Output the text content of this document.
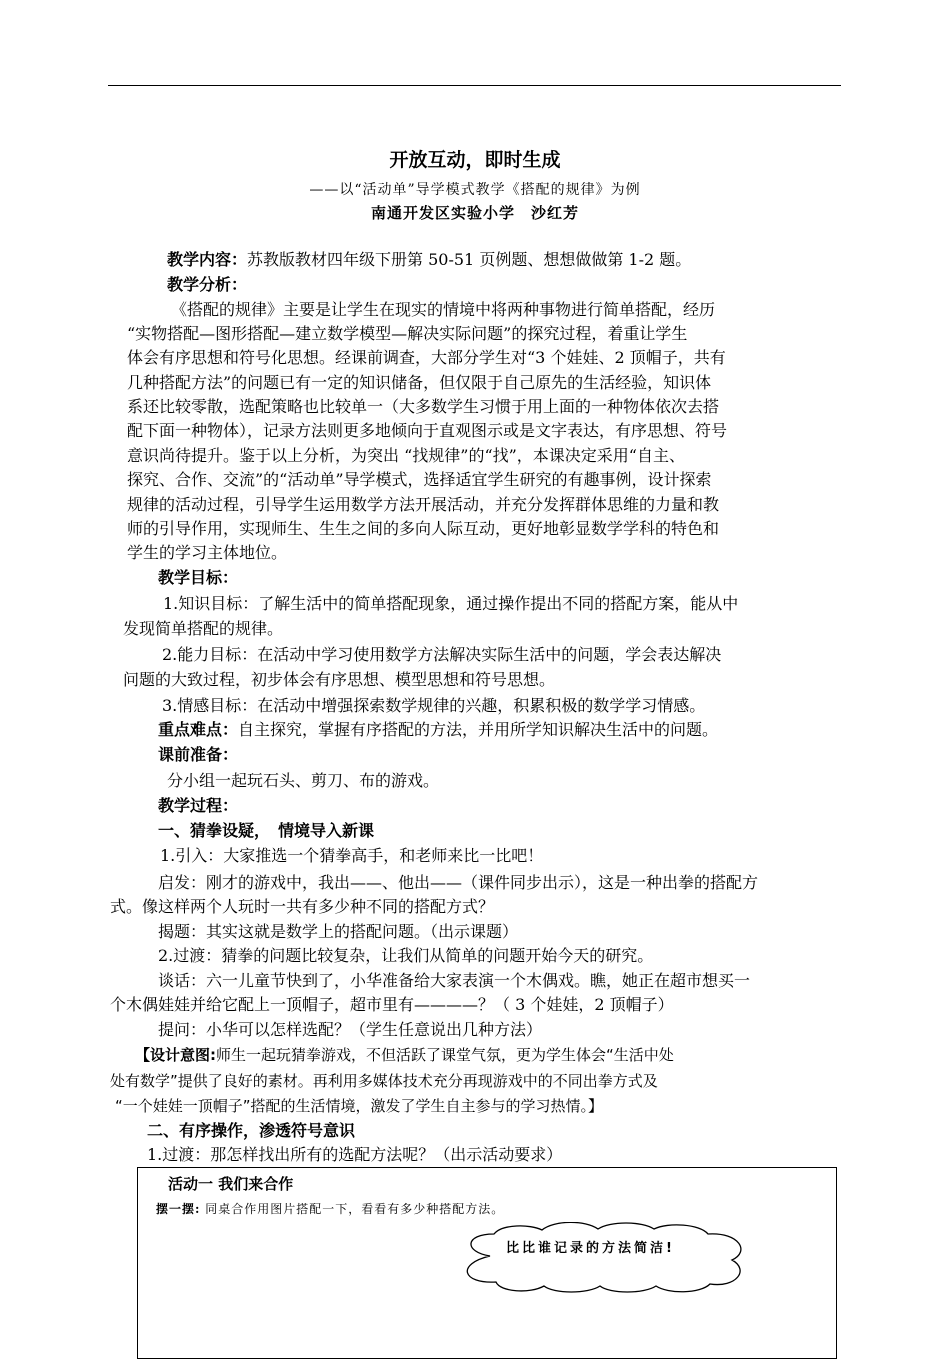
开放互动，即时生成
——以“活动单”导学模式教学《搭配的规律》为例
南通开发区实验小学　沙红芳
教学内容：苏教版教材四年级下册第 50-51 页例题、想想做做第 1-2 题。
教学分析：
《搭配的规律》主要是让学生在现实的情境中将两种事物进行简单搭配，经历
“实物搭配—图形搭配—建立数学模型—解决实际问题”的探究过程，着重让学生
体会有序思想和符号化思想。经课前调查，大部分学生对“3 个娃娃、2 顶帽子，共有
几种搭配方法”的问题已有一定的知识储备，但仅限于自己原先的生活经验，知识体
系还比较零散，选配策略也比较单一（大多数学生习惯于用上面的一种物体依次去搭
配下面一种物体），记录方法则更多地倾向于直观图示或是文字表达，有序思想、符号
意识尚待提升。鉴于以上分析，为突出 “找规律”的“找”，本课决定采用“自主、
探究、合作、交流”的“活动单”导学模式，选择适宜学生研究的有趣事例，设计探索
规律的活动过程，引导学生运用数学方法开展活动，并充分发挥群体思维的力量和教
师的引导作用，实现师生、生生之间的多向人际互动，更好地彰显数学学科的特色和
学生的学习主体地位。
教学目标：
1.知识目标：了解生活中的简单搭配现象，通过操作提出不同的搭配方案，能从中
发现简单搭配的规律。
2.能力目标：在活动中学习使用数学方法解决实际生活中的问题，学会表达解决
问题的大致过程，初步体会有序思想、模型思想和符号思想。
3.情感目标：在活动中增强探索数学规律的兴趣，积累积极的数学学习情感。
重点难点：自主探究，掌握有序搭配的方法，并用所学知识解决生活中的问题。
课前准备：
分小组一起玩石头、剪刀、布的游戏。
教学过程：
一、猜拳设疑，　情境导入新课
1.引入：大家推选一个猜拳高手，和老师来比一比吧！
启发：刚才的游戏中，我出——、他出——（课件同步出示），这是一种出拳的搭配方
式。像这样两个人玩时一共有多少种不同的搭配方式？
揭题：其实这就是数学上的搭配问题。（出示课题）
2.过渡：猜拳的问题比较复杂，让我们从简单的问题开始今天的研究。
谈话：六一儿童节快到了，小华准备给大家表演一个木偶戏。瞧，她正在超市想买一
个木偶娃娃并给它配上一顶帽子，超市里有————？（ 3 个娃娃，2 顶帽子）
提问：小华可以怎样选配？（学生任意说出几种方法）
【设计意图:师生一起玩猜拳游戏，不但活跃了课堂气氛，更为学生体会“生活中处
处有数学”提供了良好的素材。再利用多媒体技术充分再现游戏中的不同出拳方式及
“一个娃娃一顶帽子”搭配的生活情境，激发了学生自主参与的学习热情。】
二、有序操作，渗透符号意识
1.过渡：那怎样找出所有的选配方法呢？（出示活动要求）
活动一 我们来合作
摆一摆: 同桌合作用图片搭配一下，看看有多少种搭配方法。
比比谁记录的方法简洁!
